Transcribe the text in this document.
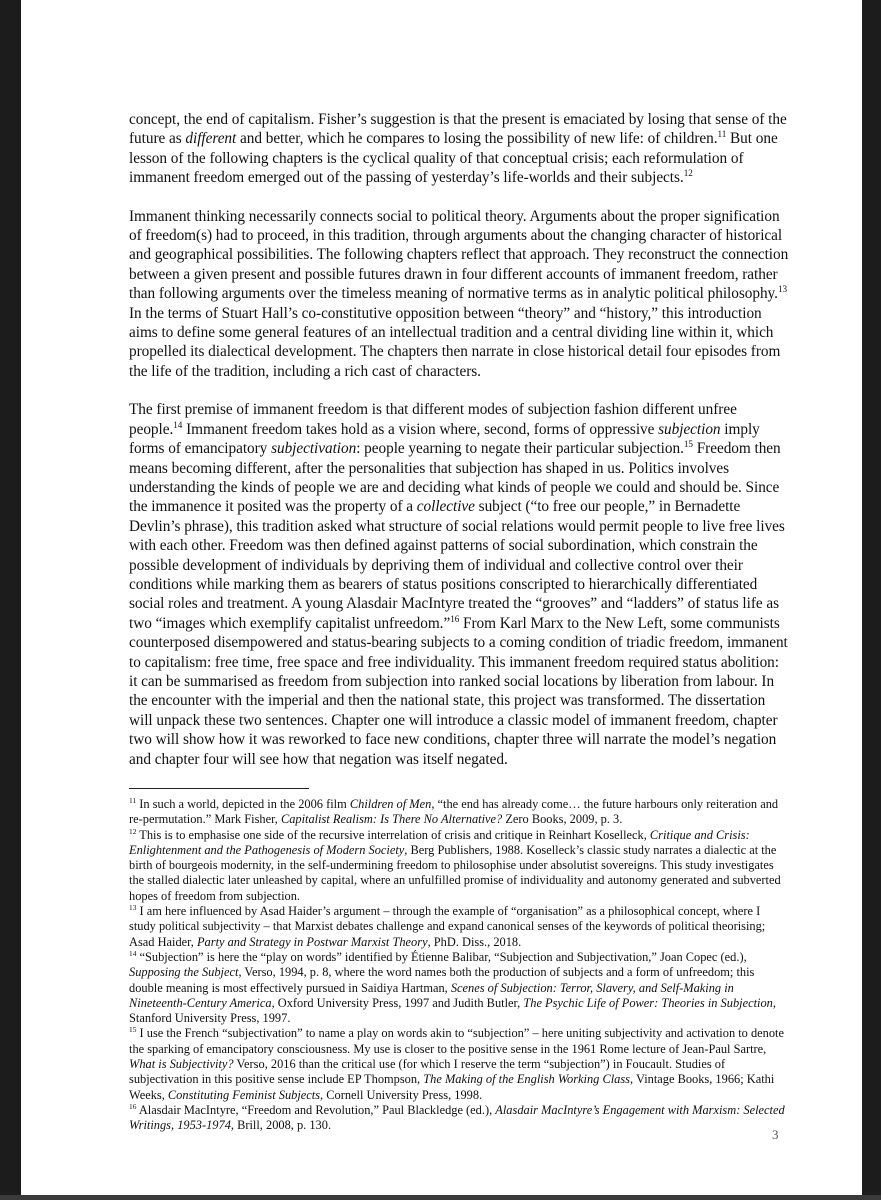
concept, the end of capitalism. Fisher’s suggestion is that the present is emaciated by losing that sense of the future as different and better, which he compares to losing the possibility of new life: of children.$^{11}$ But one lesson of the following chapters is the cyclical quality of that conceptual crisis; each reformulation of immanent freedom emerged out of the passing of yesterday’s life-worlds and their subjects.$^{12}$

Immanent thinking necessarily connects social to political theory. Arguments about the proper signification of freedom(s) had to proceed, in this tradition, through arguments about the changing character of historical and geographical possibilities. The following chapters reflect that approach. They reconstruct the connection between a given present and possible futures drawn in four different accounts of immanent freedom, rather than following arguments over the timeless meaning of normative terms as in analytic political philosophy.$^{13}$ In the terms of Stuart Hall’s co-constitutive opposition between “theory” and “history,” this introduction aims to define some general features of an intellectual tradition and a central dividing line within it, which propelled its dialectical development. The chapters then narrate in close historical detail four episodes from the life of the tradition, including a rich cast of characters.

The first premise of immanent freedom is that different modes of subjection fashion different unfree people.$^{14}$ Immanent freedom takes hold as a vision where, second, forms of oppressive subjection imply forms of emancipatory subjectivation: people yearning to negate their particular subjection.$^{15}$ Freedom then means becoming different, after the personalities that subjection has shaped in us. Politics involves understanding the kinds of people we are and deciding what kinds of people we could and should be. Since the immanence it posited was the property of a collective subject (“to free our people,” in Bernadette Devlin’s phrase), this tradition asked what structure of social relations would permit people to live free lives with each other. Freedom was then defined against patterns of social subordination, which constrain the possible development of individuals by depriving them of individual and collective control over their conditions while marking them as bearers of status positions conscripted to hierarchically differentiated social roles and treatment. A young Alasdair MacIntyre treated the “grooves” and “ladders” of status life as two “images which exemplify capitalist unfreedom.”$^{16}$ From Karl Marx to the New Left, some communists counterposed disempowered and status-bearing subjects to a coming condition of triadic freedom, immanent to capitalism: free time, free space and free individuality. This immanent freedom required status abolition: it can be summarised as freedom from subjection into ranked social locations by liberation from labour. In the encounter with the imperial and then the national state, this project was transformed. The dissertation will unpack these two sentences. Chapter one will introduce a classic model of immanent freedom, chapter two will show how it was reworked to face new conditions, chapter three will narrate the model’s negation and chapter four will see how that negation was itself negated.

$^{11}$ In such a world, depicted in the 2006 film Children of Men, “the end has already come… the future harbours only reiteration and re-permutation.” Mark Fisher, Capitalist Realism: Is There No Alternative? Zero Books, 2009, p. 3.

$^{12}$ This is to emphasise one side of the recursive interrelation of crisis and critique in Reinhart Koselleck, Critique and Crisis: Enlightenment and the Pathogenesis of Modern Society, Berg Publishers, 1988. Koselleck’s classic study narrates a dialectic at the birth of bourgeois modernity, in the self-undermining freedom to philosophise under absolutist sovereigns. This study investigates the stalled dialectic later unleashed by capital, where an unfulfilled promise of individuality and autonomy generated and subverted hopes of freedom from subjection.

$^{13}$ I am here influenced by Asad Haider’s argument – through the example of “organisation” as a philosophical concept, where I study political subjectivity – that Marxist debates challenge and expand canonical senses of the keywords of political theorising; Asad Haider, Party and Strategy in Postwar Marxist Theory, PhD. Diss., 2018.

$^{14}$ “Subjection” is here the “play on words” identified by Étienne Balibar, “Subjection and Subjectivation,” Joan Copec (ed.), Supposing the Subject, Verso, 1994, p. 8, where the word names both the production of subjects and a form of unfreedom; this double meaning is most effectively pursued in Saidiya Hartman, Scenes of Subjection: Terror, Slavery, and Self-Making in Nineteenth-Century America, Oxford University Press, 1997 and Judith Butler, The Psychic Life of Power: Theories in Subjection, Stanford University Press, 1997.

$^{15}$ I use the French “subjectivation” to name a play on words akin to “subjection” – here uniting subjectivity and activation to denote the sparking of emancipatory consciousness. My use is closer to the positive sense in the 1961 Rome lecture of Jean-Paul Sartre, What is Subjectivity? Verso, 2016 than the critical use (for which I reserve the term “subjection”) in Foucault. Studies of subjectivation in this positive sense include EP Thompson, The Making of the English Working Class, Vintage Books, 1966; Kathi Weeks, Constituting Feminist Subjects, Cornell University Press, 1998.

$^{16}$ Alasdair MacIntyre, “Freedom and Revolution,” Paul Blackledge (ed.), Alasdair MacIntyre’s Engagement with Marxism: Selected Writings, 1953-1974, Brill, 2008, p. 130.

3
